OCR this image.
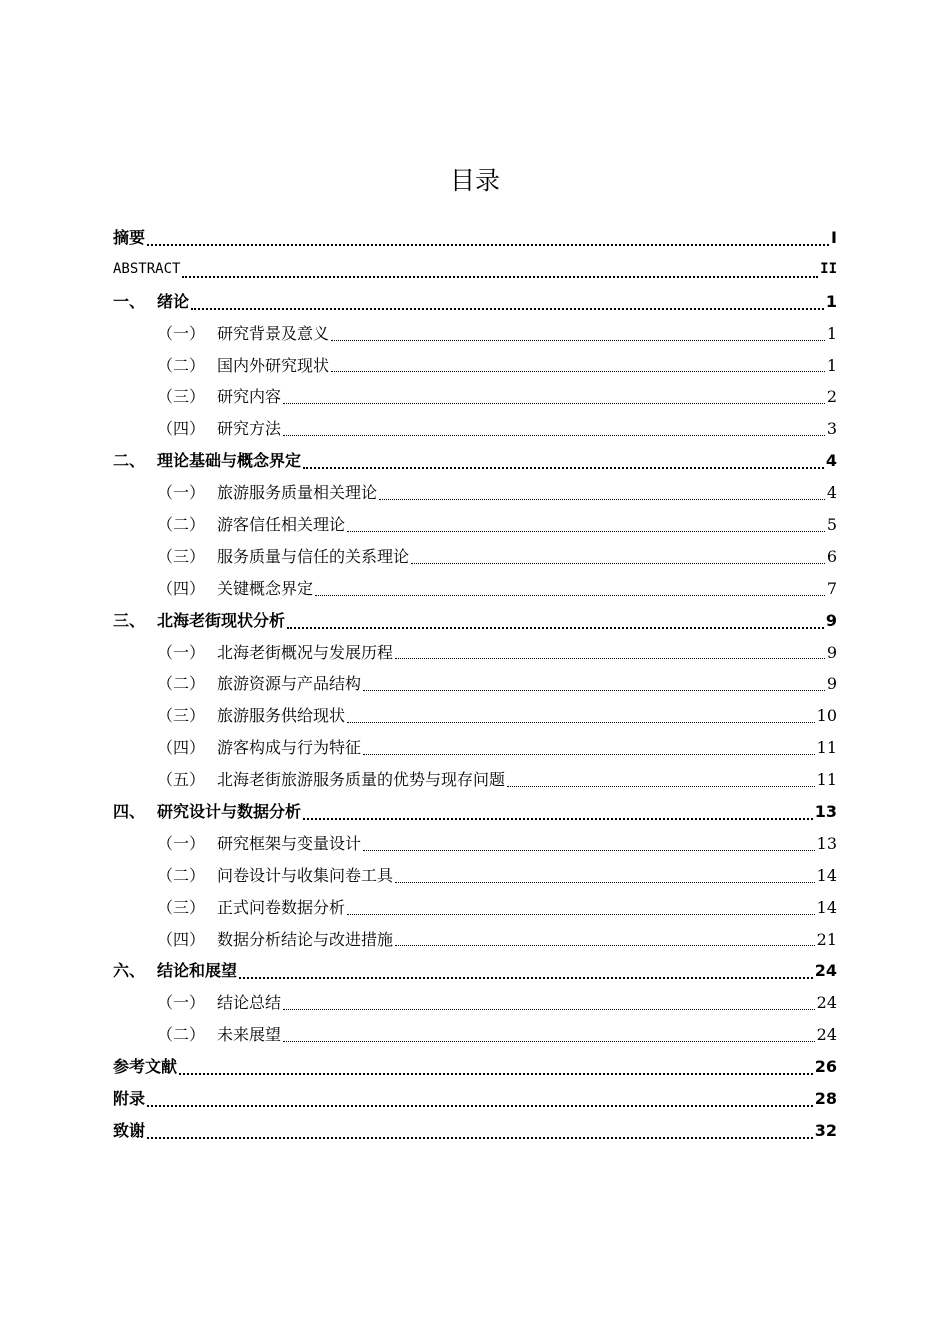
目录
摘要	I
ABSTRACT	II
一、 绪论	1
（一） 研究背景及意义	1
（二） 国内外研究现状	1
（三） 研究内容	2
（四） 研究方法	3
二、 理论基础与概念界定	4
（一） 旅游服务质量相关理论	4
（二） 游客信任相关理论	5
（三） 服务质量与信任的关系理论	6
（四） 关键概念界定	7
三、 北海老街现状分析	9
（一） 北海老街概况与发展历程	9
（二） 旅游资源与产品结构	9
（三） 旅游服务供给现状	10
（四） 游客构成与行为特征	11
（五） 北海老街旅游服务质量的优势与现存问题	11
四、 研究设计与数据分析	13
（一） 研究框架与变量设计	13
（二） 问卷设计与收集问卷工具	14
（三） 正式问卷数据分析	14
（四） 数据分析结论与改进措施	21
六、 结论和展望	24
（一） 结论总结	24
（二） 未来展望	24
参考文献	26
附录	28
致谢	32
